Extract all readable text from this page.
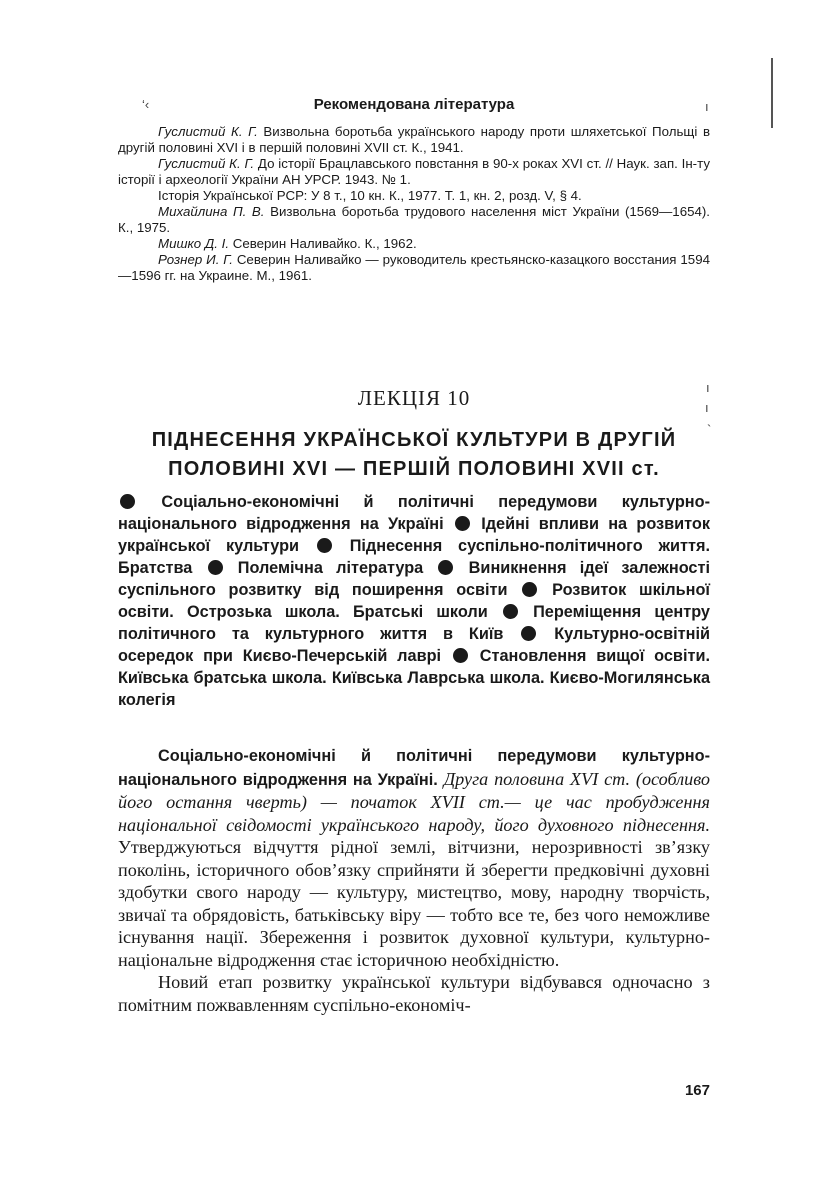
‘‹	ı
ı
ı
`
Рекомендована література

Гуслистий К. Г. Визвольна боротьба українського народу проти шляхетської Польщі в другій половині XVI і в першій половині XVII ст. К., 1941.

Гуслистий К. Г. До історії Брацлавського повстання в 90-х роках XVI ст. // Наук. зап. Ін-ту історії і археології України АН УРСР. 1943. № 1.

Історія Української РСР: У 8 т., 10 кн. К., 1977. Т. 1, кн. 2, розд. V, § 4.

Михайлина П. В. Визвольна боротьба трудового населення міст України (1569—1654). К., 1975.

Мишко Д. І. Северин Наливайко. К., 1962.

Рознер И. Г. Северин Наливайко — руководитель крестьянско-казацкого восстания 1594—1596 гг. на Украине. М., 1961.

ЛЕКЦІЯ 10
ПІДНЕСЕННЯ УКРАЇНСЬКОЇ КУЛЬТУРИ В ДРУГІЙ
ПОЛОВИНІ XVI — ПЕРШІЙ ПОЛОВИНІ XVII ст.

Соціально-економічні й політичні передумови культурно-національного відродження на Україні Ідейні впливи на розвиток української культури	Піднесення суспільно-політичного життя. Братства	Полемічна література	Виникнення ідеї залежності суспільного розвитку від поширення освіти	Розвиток шкільної освіти. Острозька школа. Братські школи	Переміщення центру політичного та культурного життя в Київ	Культурно-освітній осередок при Києво-Печерській лаврі Становлення вищої освіти. Київська братська школа. Київська Лаврська школа. Києво-Могилянська колегія

Соціально-економічні й політичні передумови культурно-національного відродження на Україні. Друга половина XVI ст. (особливо його остання чверть) — початок XVII ст.— це час пробудження національної свідомості українського народу, його духовного піднесення. Утверджуються відчуття рідної землі, вітчизни, нерозривності зв’язку поколінь, історичного обов’язку сприйняти й зберегти предковічні духовні здобутки свого народу — культуру, мистецтво, мову, народну творчість, звичаї та обрядовість, батьківську віру — тобто все те, без чого неможливе існування нації. Збереження і розвиток духовної культури, культурно-національне відродження стає історичною необхідністю.

Новий етап розвитку української культури відбувався одночасно з помітним пожвавленням суспільно-економіч-

167
